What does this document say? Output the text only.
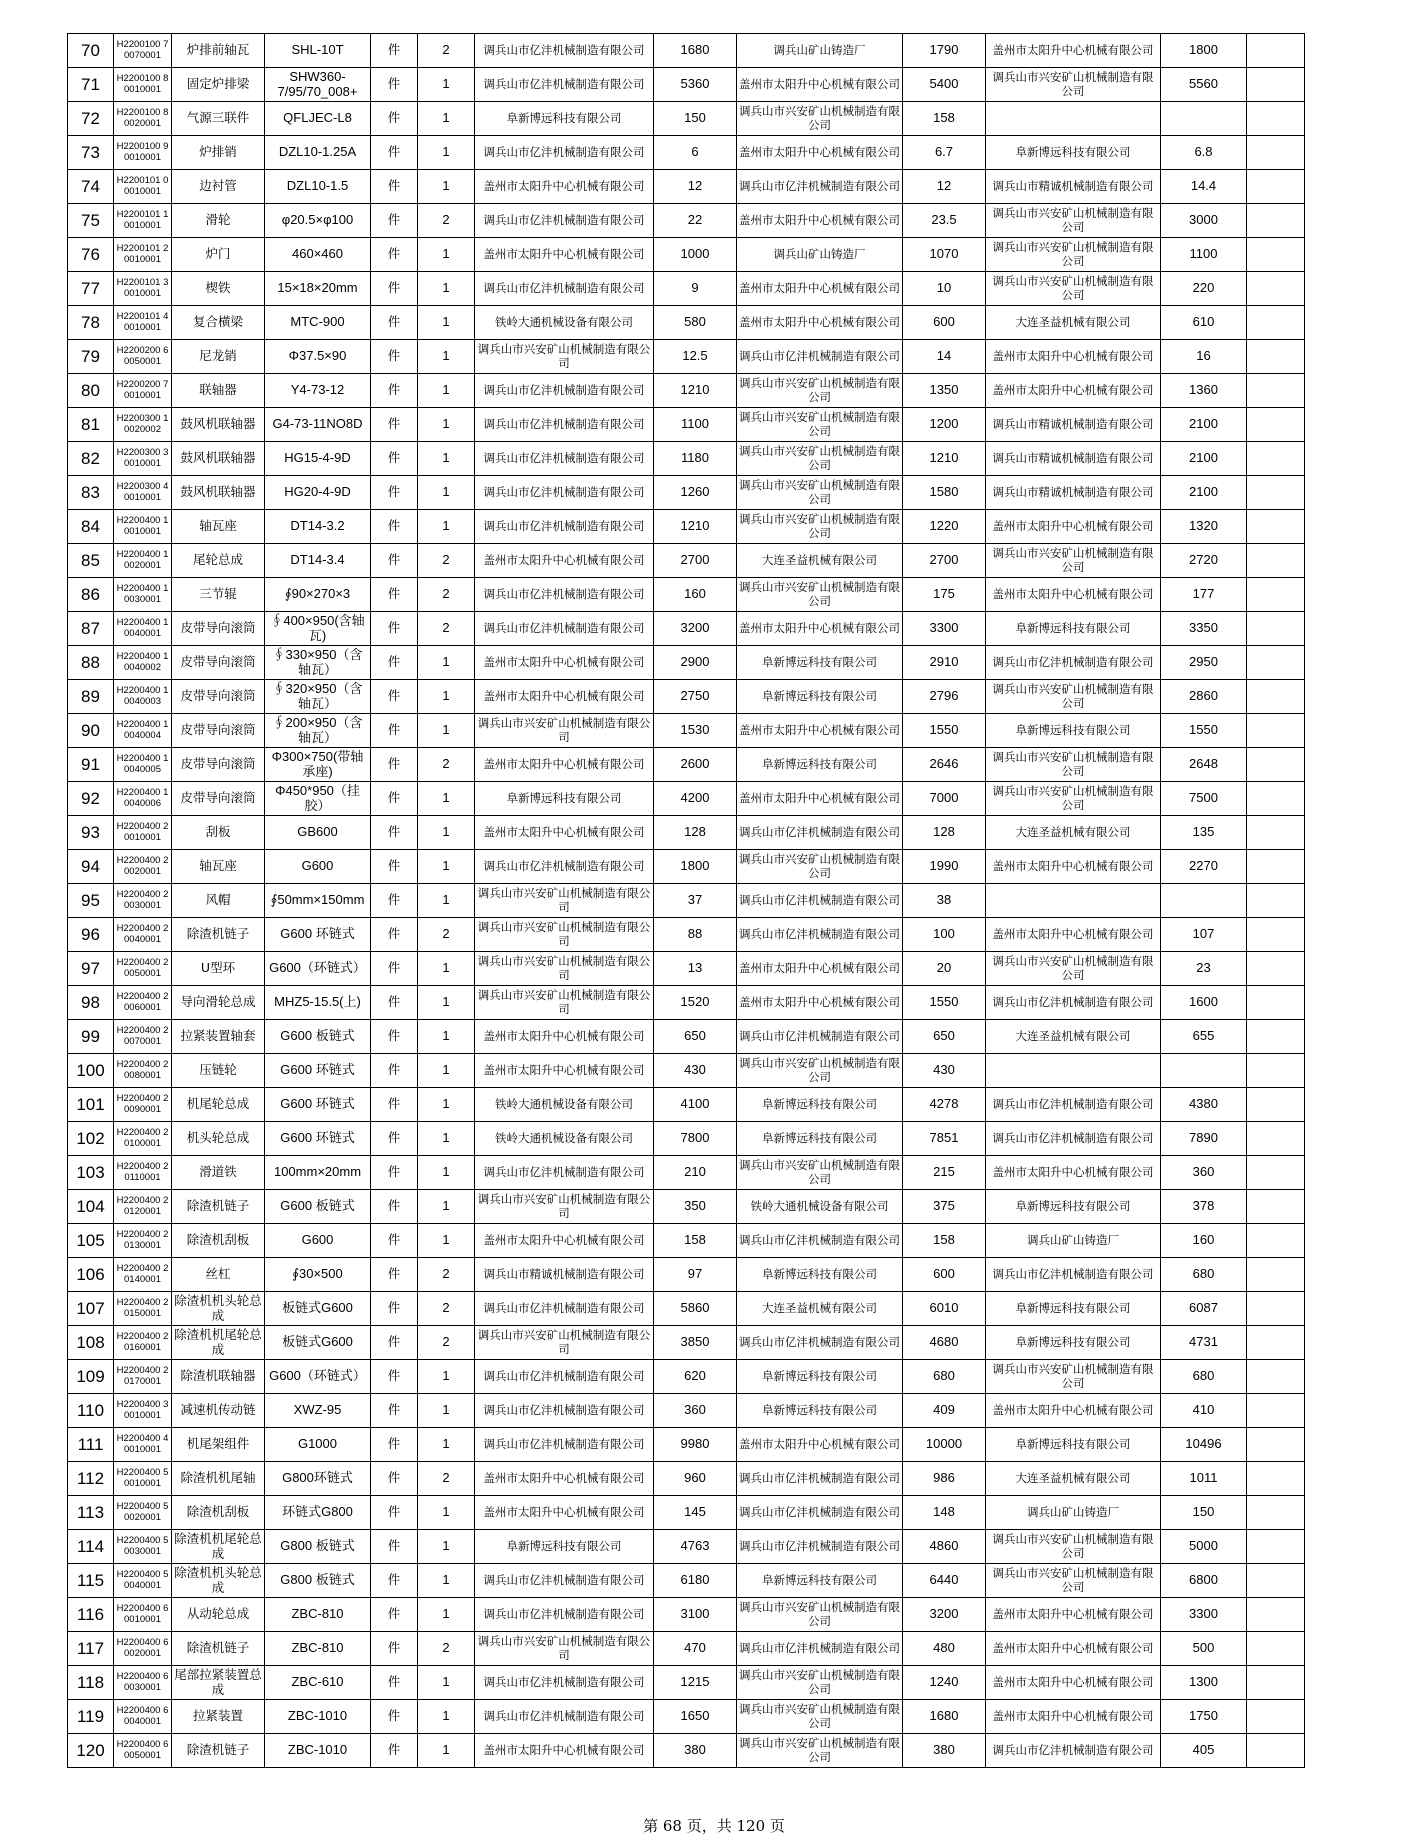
70	H2200100 70070001	炉排前轴瓦	SHL-10T	件	2	调兵山市亿沣机械制造有限公司	1680	调兵山矿山铸造厂	1790	盖州市太阳升中心机械有限公司	1800	
71	H2200100 80010001	固定炉排梁	SHW360-7/95/70_008+	件	1	调兵山市亿沣机械制造有限公司	5360	盖州市太阳升中心机械有限公司	5400	调兵山市兴安矿山机械制造有限公司	5560	
72	H2200100 80020001	气源三联件	QFLJEC-L8	件	1	阜新博远科技有限公司	150	调兵山市兴安矿山机械制造有限公司	158			
73	H2200100 90010001	炉排销	DZL10-1.25A	件	1	调兵山市亿沣机械制造有限公司	6	盖州市太阳升中心机械有限公司	6.7	阜新博远科技有限公司	6.8	
74	H2200101 00010001	边衬管	DZL10-1.5	件	1	盖州市太阳升中心机械有限公司	12	调兵山市亿沣机械制造有限公司	12	调兵山市精诚机械制造有限公司	14.4	
75	H2200101 10010001	滑轮	φ20.5×φ100	件	2	调兵山市亿沣机械制造有限公司	22	盖州市太阳升中心机械有限公司	23.5	调兵山市兴安矿山机械制造有限公司	3000	
76	H2200101 20010001	炉门	460×460	件	1	盖州市太阳升中心机械有限公司	1000	调兵山矿山铸造厂	1070	调兵山市兴安矿山机械制造有限公司	1100	
77	H2200101 30010001	楔铁	15×18×20mm	件	1	调兵山市亿沣机械制造有限公司	9	盖州市太阳升中心机械有限公司	10	调兵山市兴安矿山机械制造有限公司	220	
78	H2200101 40010001	复合横梁	MTC-900	件	1	铁岭大通机械设备有限公司	580	盖州市太阳升中心机械有限公司	600	大连圣益机械有限公司	610	
79	H2200200 60050001	尼龙销	Φ37.5×90	件	1	调兵山市兴安矿山机械制造有限公司	12.5	调兵山市亿沣机械制造有限公司	14	盖州市太阳升中心机械有限公司	16	
80	H2200200 70010001	联轴器	Y4-73-12	件	1	调兵山市亿沣机械制造有限公司	1210	调兵山市兴安矿山机械制造有限公司	1350	盖州市太阳升中心机械有限公司	1360	
81	H2200300 10020002	鼓风机联轴器	G4-73-11NO8D	件	1	调兵山市亿沣机械制造有限公司	1100	调兵山市兴安矿山机械制造有限公司	1200	调兵山市精诚机械制造有限公司	2100	
82	H2200300 30010001	鼓风机联轴器	HG15-4-9D	件	1	调兵山市亿沣机械制造有限公司	1180	调兵山市兴安矿山机械制造有限公司	1210	调兵山市精诚机械制造有限公司	2100	
83	H2200300 40010001	鼓风机联轴器	HG20-4-9D	件	1	调兵山市亿沣机械制造有限公司	1260	调兵山市兴安矿山机械制造有限公司	1580	调兵山市精诚机械制造有限公司	2100	
84	H2200400 10010001	轴瓦座	DT14-3.2	件	1	调兵山市亿沣机械制造有限公司	1210	调兵山市兴安矿山机械制造有限公司	1220	盖州市太阳升中心机械有限公司	1320	
85	H2200400 10020001	尾轮总成	DT14-3.4	件	2	盖州市太阳升中心机械有限公司	2700	大连圣益机械有限公司	2700	调兵山市兴安矿山机械制造有限公司	2720	
86	H2200400 10030001	三节辊	∮90×270×3	件	2	调兵山市亿沣机械制造有限公司	160	调兵山市兴安矿山机械制造有限公司	175	盖州市太阳升中心机械有限公司	177	
87	H2200400 10040001	皮带导向滚筒	∮400×950(含轴瓦)	件	2	调兵山市亿沣机械制造有限公司	3200	盖州市太阳升中心机械有限公司	3300	阜新博远科技有限公司	3350	
88	H2200400 10040002	皮带导向滚筒	∮330×950（含轴瓦）	件	1	盖州市太阳升中心机械有限公司	2900	阜新博远科技有限公司	2910	调兵山市亿沣机械制造有限公司	2950	
89	H2200400 10040003	皮带导向滚筒	∮320×950（含轴瓦）	件	1	盖州市太阳升中心机械有限公司	2750	阜新博远科技有限公司	2796	调兵山市兴安矿山机械制造有限公司	2860	
90	H2200400 10040004	皮带导向滚筒	∮200×950（含轴瓦）	件	1	调兵山市兴安矿山机械制造有限公司	1530	盖州市太阳升中心机械有限公司	1550	阜新博远科技有限公司	1550	
91	H2200400 10040005	皮带导向滚筒	Φ300×750(带轴承座)	件	2	盖州市太阳升中心机械有限公司	2600	阜新博远科技有限公司	2646	调兵山市兴安矿山机械制造有限公司	2648	
92	H2200400 10040006	皮带导向滚筒	Φ450*950（挂胶）	件	1	阜新博远科技有限公司	4200	盖州市太阳升中心机械有限公司	7000	调兵山市兴安矿山机械制造有限公司	7500	
93	H2200400 20010001	刮板	GB600	件	1	盖州市太阳升中心机械有限公司	128	调兵山市亿沣机械制造有限公司	128	大连圣益机械有限公司	135	
94	H2200400 20020001	轴瓦座	G600	件	1	调兵山市亿沣机械制造有限公司	1800	调兵山市兴安矿山机械制造有限公司	1990	盖州市太阳升中心机械有限公司	2270	
95	H2200400 20030001	风帽	∮50mm×150mm	件	1	调兵山市兴安矿山机械制造有限公司	37	调兵山市亿沣机械制造有限公司	38			
96	H2200400 20040001	除渣机链子	G600 环链式	件	2	调兵山市兴安矿山机械制造有限公司	88	调兵山市亿沣机械制造有限公司	100	盖州市太阳升中心机械有限公司	107	
97	H2200400 20050001	U型环	G600（环链式）	件	1	调兵山市兴安矿山机械制造有限公司	13	盖州市太阳升中心机械有限公司	20	调兵山市兴安矿山机械制造有限公司	23	
98	H2200400 20060001	导向滑轮总成	MHZ5-15.5(上)	件	1	调兵山市兴安矿山机械制造有限公司	1520	盖州市太阳升中心机械有限公司	1550	调兵山市亿沣机械制造有限公司	1600	
99	H2200400 20070001	拉紧装置轴套	G600 板链式	件	1	盖州市太阳升中心机械有限公司	650	调兵山市亿沣机械制造有限公司	650	大连圣益机械有限公司	655	
100	H2200400 20080001	压链轮	G600 环链式	件	1	盖州市太阳升中心机械有限公司	430	调兵山市兴安矿山机械制造有限公司	430			
101	H2200400 20090001	机尾轮总成	G600 环链式	件	1	铁岭大通机械设备有限公司	4100	阜新博远科技有限公司	4278	调兵山市亿沣机械制造有限公司	4380	
102	H2200400 20100001	机头轮总成	G600 环链式	件	1	铁岭大通机械设备有限公司	7800	阜新博远科技有限公司	7851	调兵山市亿沣机械制造有限公司	7890	
103	H2200400 20110001	滑道铁	100mm×20mm	件	1	调兵山市亿沣机械制造有限公司	210	调兵山市兴安矿山机械制造有限公司	215	盖州市太阳升中心机械有限公司	360	
104	H2200400 20120001	除渣机链子	G600 板链式	件	1	调兵山市兴安矿山机械制造有限公司	350	铁岭大通机械设备有限公司	375	阜新博远科技有限公司	378	
105	H2200400 20130001	除渣机刮板	G600	件	1	盖州市太阳升中心机械有限公司	158	调兵山市亿沣机械制造有限公司	158	调兵山矿山铸造厂	160	
106	H2200400 20140001	丝杠	∮30×500	件	2	调兵山市精诚机械制造有限公司	97	阜新博远科技有限公司	600	调兵山市亿沣机械制造有限公司	680	
107	H2200400 20150001	除渣机机头轮总成	板链式G600	件	2	调兵山市亿沣机械制造有限公司	5860	大连圣益机械有限公司	6010	阜新博远科技有限公司	6087	
108	H2200400 20160001	除渣机机尾轮总成	板链式G600	件	2	调兵山市兴安矿山机械制造有限公司	3850	调兵山市亿沣机械制造有限公司	4680	阜新博远科技有限公司	4731	
109	H2200400 20170001	除渣机联轴器	G600（环链式）	件	1	调兵山市亿沣机械制造有限公司	620	阜新博远科技有限公司	680	调兵山市兴安矿山机械制造有限公司	680	
110	H2200400 30010001	减速机传动链	XWZ-95	件	1	调兵山市亿沣机械制造有限公司	360	阜新博远科技有限公司	409	盖州市太阳升中心机械有限公司	410	
111	H2200400 40010001	机尾架组件	G1000	件	1	调兵山市亿沣机械制造有限公司	9980	盖州市太阳升中心机械有限公司	10000	阜新博远科技有限公司	10496	
112	H2200400 50010001	除渣机机尾轴	G800环链式	件	2	盖州市太阳升中心机械有限公司	960	调兵山市亿沣机械制造有限公司	986	大连圣益机械有限公司	1011	
113	H2200400 50020001	除渣机刮板	环链式G800	件	1	盖州市太阳升中心机械有限公司	145	调兵山市亿沣机械制造有限公司	148	调兵山矿山铸造厂	150	
114	H2200400 50030001	除渣机机尾轮总成	G800 板链式	件	1	阜新博远科技有限公司	4763	调兵山市亿沣机械制造有限公司	4860	调兵山市兴安矿山机械制造有限公司	5000	
115	H2200400 50040001	除渣机机头轮总成	G800 板链式	件	1	调兵山市亿沣机械制造有限公司	6180	阜新博远科技有限公司	6440	调兵山市兴安矿山机械制造有限公司	6800	
116	H2200400 60010001	从动轮总成	ZBC-810	件	1	调兵山市亿沣机械制造有限公司	3100	调兵山市兴安矿山机械制造有限公司	3200	盖州市太阳升中心机械有限公司	3300	
117	H2200400 60020001	除渣机链子	ZBC-810	件	2	调兵山市兴安矿山机械制造有限公司	470	调兵山市亿沣机械制造有限公司	480	盖州市太阳升中心机械有限公司	500	
118	H2200400 60030001	尾部拉紧装置总成	ZBC-610	件	1	调兵山市亿沣机械制造有限公司	1215	调兵山市兴安矿山机械制造有限公司	1240	盖州市太阳升中心机械有限公司	1300	
119	H2200400 60040001	拉紧装置	ZBC-1010	件	1	调兵山市亿沣机械制造有限公司	1650	调兵山市兴安矿山机械制造有限公司	1680	盖州市太阳升中心机械有限公司	1750	
120	H2200400 60050001	除渣机链子	ZBC-1010	件	1	盖州市太阳升中心机械有限公司	380	调兵山市兴安矿山机械制造有限公司	380	调兵山市亿沣机械制造有限公司	405	
第 68 页，共 120 页
